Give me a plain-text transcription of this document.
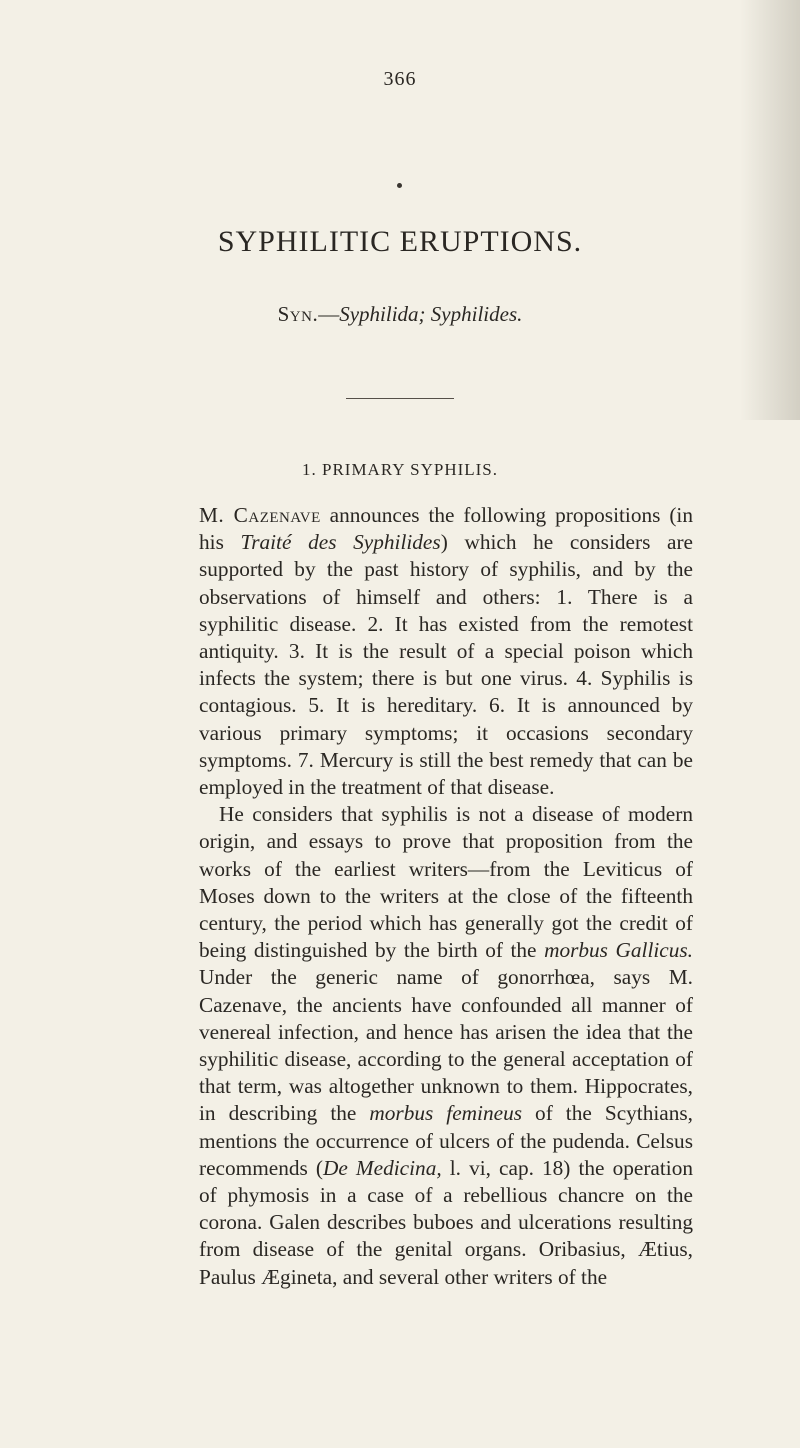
366
SYPHILITIC ERUPTIONS.
Syn.—Syphilida; Syphilides.
1. PRIMARY SYPHILIS.

M. Cazenave announces the following propositions (in his Traité des Syphilides) which he considers are supported by the past history of syphilis, and by the observations of himself and others: 1. There is a syphilitic disease. 2. It has existed from the remotest antiquity. 3. It is the result of a special poison which infects the system; there is but one virus. 4. Syphilis is contagious. 5. It is hereditary. 6. It is announced by various primary symptoms; it occasions secondary symptoms. 7. Mercury is still the best remedy that can be employed in the treatment of that disease.

He considers that syphilis is not a disease of modern origin, and essays to prove that proposition from the works of the earliest writers—from the Leviticus of Moses down to the writers at the close of the fifteenth century, the period which has generally got the credit of being distinguished by the birth of the morbus Gallicus. Under the generic name of gonorrhœa, says M. Cazenave, the ancients have confounded all manner of venereal infection, and hence has arisen the idea that the syphilitic disease, according to the general acceptation of that term, was altogether unknown to them. Hippocrates, in describing the morbus femineus of the Scythians, mentions the occurrence of ulcers of the pudenda. Celsus recommends (De Medicina, l. vi, cap. 18) the operation of phymosis in a case of a rebellious chancre on the corona. Galen describes buboes and ulcerations resulting from disease of the genital organs. Oribasius, Ætius, Paulus Ægineta, and several other writers of the
